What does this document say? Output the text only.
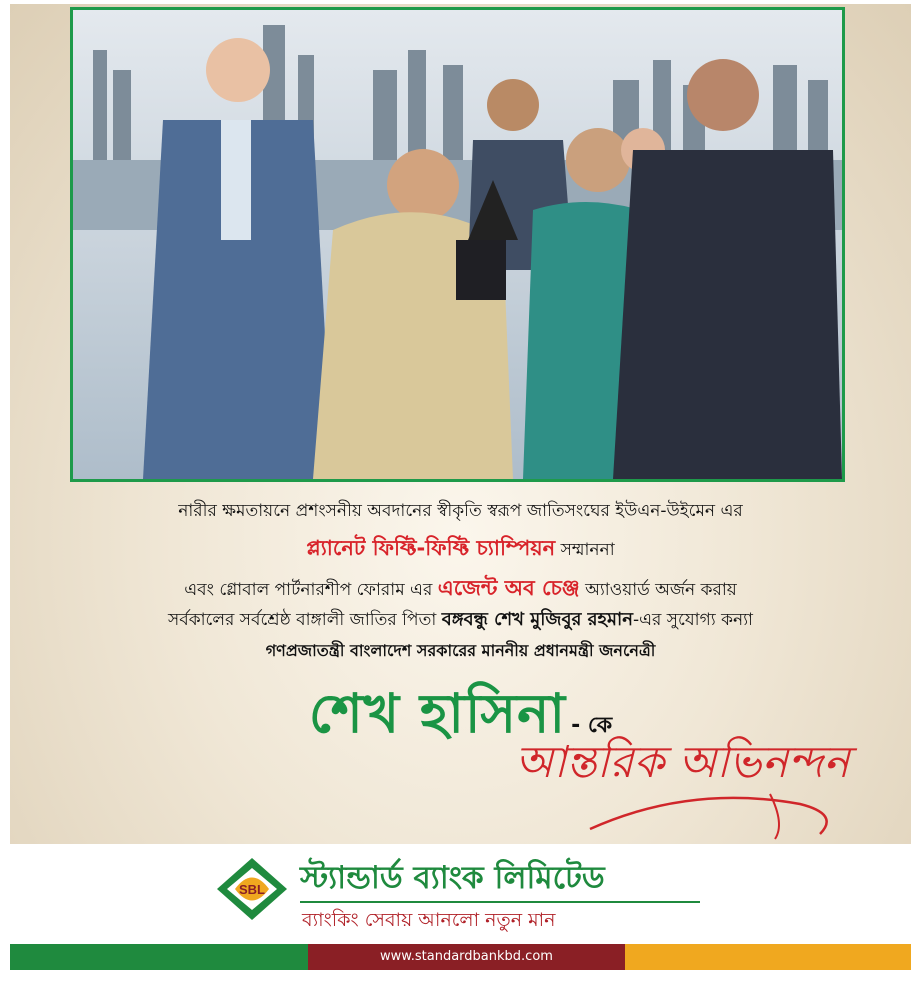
নারীর ক্ষমতায়নে প্রশংসনীয় অবদানের স্বীকৃতি স্বরূপ জাতিসংঘের ইউএন-উইমেন এর
প্ল্যানেট ফিফ্টি-ফিফ্টি চ্যাম্পিয়ন সম্মাননা
এবং গ্লোবাল পার্টনারশীপ ফোরাম এর এজেন্ট অব চেঞ্জ অ্যাওয়ার্ড অর্জন করায়
সর্বকালের সর্বশ্রেষ্ঠ বাঙ্গালী জাতির পিতা বঙ্গবন্ধু শেখ মুজিবুর রহমান-এর সুযোগ্য কন্যা
গণপ্রজাতন্ত্রী বাংলাদেশ সরকারের মাননীয় প্রধানমন্ত্রী জননেত্রী
শেখ হাসিনা - কে
আন্তরিক অভিনন্দন
SBL স্ট্যান্ডার্ড ব্যাংক লিমিটেড
ব্যাংকিং সেবায় আনলো নতুন মান
www.standardbankbd.com
